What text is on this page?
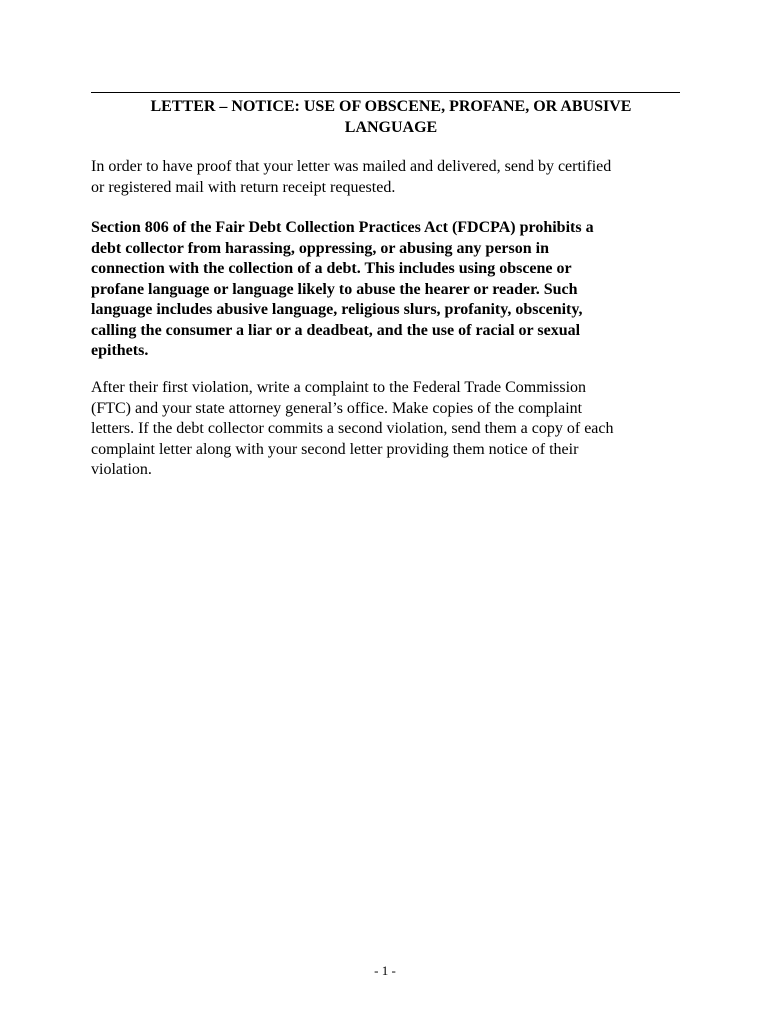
LETTER – NOTICE: USE OF OBSCENE, PROFANE, OR ABUSIVE
LANGUAGE
In order to have proof that your letter was mailed and delivered, send by certified
or registered mail with return receipt requested.
Section 806 of the Fair Debt Collection Practices Act (FDCPA) prohibits a
debt collector from harassing, oppressing, or abusing any person in
connection with the collection of a debt. This includes using obscene or
profane language or language likely to abuse the hearer or reader. Such
language includes abusive language, religious slurs, profanity, obscenity,
calling the consumer a liar or a deadbeat, and the use of racial or sexual
epithets.
After their first violation, write a complaint to the Federal Trade Commission
(FTC) and your state attorney general’s office. Make copies of the complaint
letters. If the debt collector commits a second violation, send them a copy of each
complaint letter along with your second letter providing them notice of their
violation.
- 1 -
